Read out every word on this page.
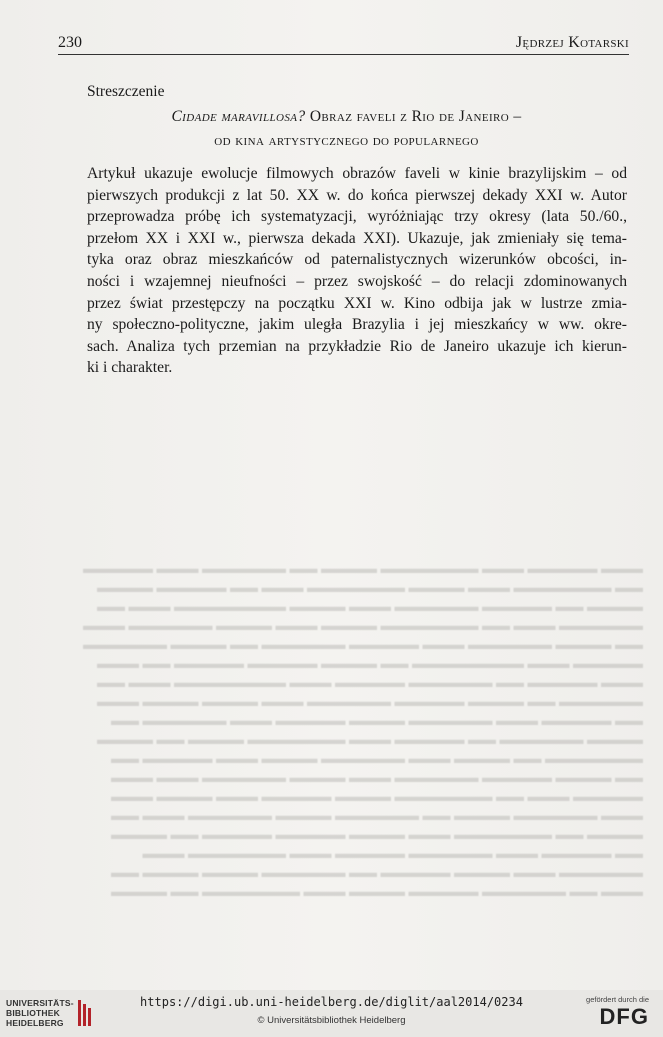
▬▬▬ ▬▬▬▬▬ ▬▬▬ ▬▬▬▬▬▬▬ ▬▬▬▬ ▬▬ ▬▬▬▬▬▬ ▬▬▬ ▬▬▬▬▬
▬▬ ▬▬▬▬▬▬▬ ▬▬▬ ▬▬▬▬ ▬▬▬▬▬▬▬ ▬▬▬ ▬▬ ▬▬▬▬▬ ▬▬▬▬
▬▬▬▬ ▬▬ ▬▬▬▬▬ ▬▬▬▬▬▬ ▬▬▬ ▬▬▬▬ ▬▬▬▬▬▬▬▬ ▬▬▬ ▬▬
▬▬▬▬▬▬ ▬▬▬ ▬▬ ▬▬▬▬▬▬▬ ▬▬▬▬ ▬▬▬ ▬▬▬▬ ▬▬▬▬▬▬ ▬▬▬
▬▬ ▬▬▬▬ ▬▬▬▬▬▬ ▬▬▬ ▬▬▬▬▬ ▬▬▬▬▬▬ ▬▬ ▬▬▬▬ ▬▬▬▬▬▬
▬▬▬▬▬ ▬▬▬ ▬▬▬▬▬▬▬▬ ▬▬ ▬▬▬▬ ▬▬▬▬▬ ▬▬▬▬▬ ▬▬ ▬▬▬
▬▬▬ ▬▬▬▬▬ ▬▬ ▬▬▬▬▬▬ ▬▬▬▬▬ ▬▬▬ ▬▬▬▬▬▬▬▬ ▬▬▬ ▬▬
▬▬▬▬▬▬ ▬▬ ▬▬▬▬ ▬▬▬▬▬ ▬▬▬▬▬▬ ▬▬▬ ▬▬▬▬ ▬▬▬▬ ▬▬▬
▬▬ ▬▬▬▬▬ ▬▬▬ ▬▬▬▬▬▬ ▬▬▬▬ ▬▬▬▬▬ ▬▬▬ ▬▬▬▬▬▬ ▬▬
▬▬▬▬ ▬▬▬▬▬▬ ▬▬ ▬▬▬▬▬ ▬▬▬ ▬▬▬▬▬▬▬ ▬▬▬▬ ▬▬ ▬▬▬▬
▬▬▬▬▬▬▬ ▬▬ ▬▬▬▬ ▬▬▬ ▬▬▬▬▬▬ ▬▬▬▬ ▬▬▬ ▬▬▬▬▬ ▬▬
▬▬ ▬▬▬▬ ▬▬▬▬▬ ▬▬▬▬▬▬ ▬▬▬ ▬▬▬▬ ▬▬▬▬▬▬ ▬▬▬ ▬▬▬
▬▬▬▬▬ ▬▬▬ ▬▬ ▬▬▬▬▬▬▬ ▬▬▬▬ ▬▬▬▬▬ ▬▬▬ ▬▬▬▬ ▬▬▬
▬▬▬ ▬▬▬▬▬▬ ▬▬▬▬ ▬▬ ▬▬▬▬▬▬ ▬▬▬▬ ▬▬▬▬▬▬ ▬▬▬ ▬▬
▬▬▬▬ ▬▬ ▬▬▬▬▬▬▬ ▬▬▬ ▬▬▬▬ ▬▬▬▬▬ ▬▬▬▬▬ ▬▬ ▬▬▬▬
▬▬ ▬▬▬▬▬ ▬▬▬ ▬▬▬▬▬▬ ▬▬▬▬▬ ▬▬▬ ▬▬▬▬▬▬▬ ▬▬▬
▬▬▬▬▬▬ ▬▬▬ ▬▬▬▬ ▬▬▬▬▬ ▬▬ ▬▬▬▬▬▬ ▬▬▬▬ ▬▬▬▬ ▬▬
▬▬▬ ▬▬ ▬▬▬▬▬▬ ▬▬▬▬▬ ▬▬▬▬ ▬▬▬ ▬▬▬▬▬▬▬ ▬▬ ▬▬▬▬
230	Jędrzej Kotarski
Streszczenie
Cidade maravillosa? Obraz faveli z Rio de Janeiro –
od kina artystycznego do popularnego
Artykuł ukazuje ewolucje filmowych obrazów faveli w kinie brazylijskim – od
pierwszych produkcji z lat 50. XX w. do końca pierwszej dekady XXI w. Autor
przeprowadza próbę ich systematyzacji, wyróżniając trzy okresy (lata 50./60.,
przełom XX i XXI w., pierwsza dekada XXI). Ukazuje, jak zmieniały się tema-
tyka oraz obraz mieszkańców od paternalistycznych wizerunków obcości, in-
ności i wzajemnej nieufności – przez swojskość – do relacji zdominowanych
przez świat przestępczy na początku XXI w. Kino odbija jak w lustrze zmia-
ny społeczno-polityczne, jakim uległa Brazylia i jej mieszkańcy w ww. okre-
sach. Analiza tych przemian na przykładzie Rio de Janeiro ukazuje ich kierun-
ki i charakter.
UNIVERSITÄTS-
BIBLIOTHEK
HEIDELBERG
https://digi.ub.uni-heidelberg.de/diglit/aal2014/0234
© Universitätsbibliothek Heidelberg
gefördert durch die
DFG
